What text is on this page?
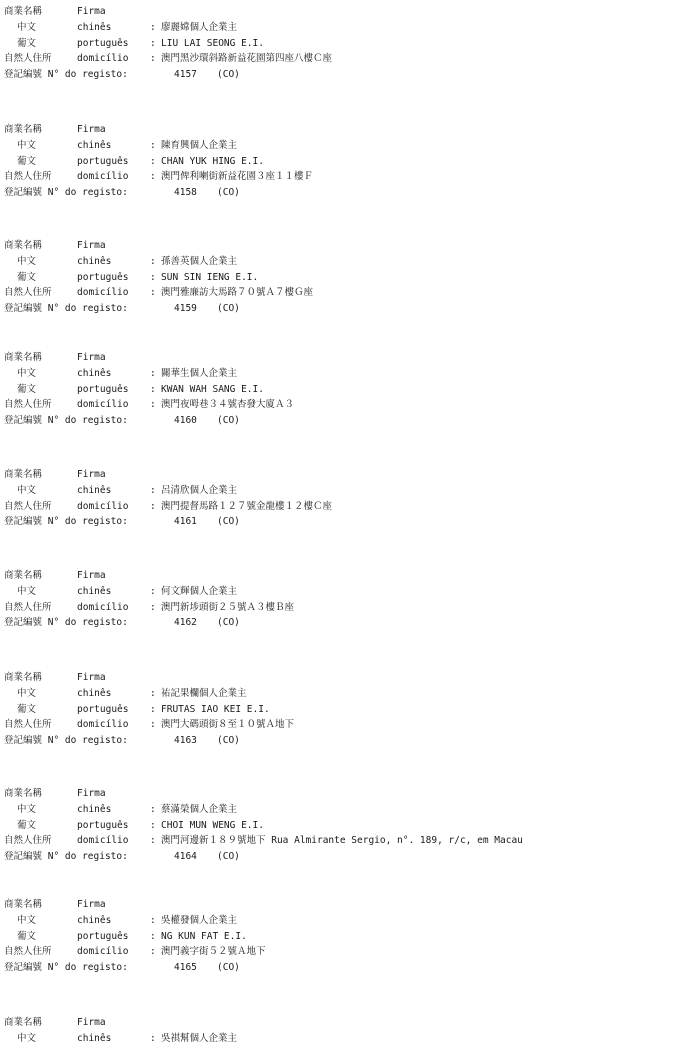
商業名稱	Firma
中文	chinês	: 廖麗嫦個人企業主
葡文	português : LIU LAI SEONG E.I.
自然人住所	domicílio : 澳門黑沙環斜路新益花園第四座八樓Ｃ座
登記編號 N° do registo:	4157 (CO)
商業名稱	Firma
中文	chinês	: 陳育興個人企業主
葡文	português : CHAN YUK HING E.I.
自然人住所	domicílio : 澳門俾利喇街新益花園３座１１樓Ｆ
登記編號 N° do registo:	4158 (CO)
商業名稱	Firma
中文	chinês	: 孫善英個人企業主
葡文	português : SUN SIN IENG E.I.
自然人住所	domicílio : 澳門雅廉訪大馬路７０號Ａ７樓Ｇ座
登記編號 N° do registo:	4159 (CO)
商業名稱	Firma
中文	chinês	: 關華生個人企業主
葡文	português : KWAN WAH SANG E.I.
自然人住所	domicílio : 澳門夜呣巷３４號杏發大廈Ａ３
登記編號 N° do registo:	4160 (CO)
商業名稱	Firma
中文	chinês	: 呂清欣個人企業主
自然人住所	domicílio : 澳門提督馬路１２７號金龍樓１２樓Ｃ座
登記編號 N° do registo:	4161 (CO)
商業名稱	Firma
中文	chinês	: 何文輝個人企業主
自然人住所	domicílio : 澳門新埗頭街２５號Ａ３樓Ｂ座
登記編號 N° do registo:	4162 (CO)
商業名稱	Firma
中文	chinês	: 祐記果欄個人企業主
葡文	português : FRUTAS IAO KEI E.I.
自然人住所	domicílio : 澳門大碼頭街８至１０號Ａ地下
登記編號 N° do registo:	4163 (CO)
商業名稱	Firma
中文	chinês	: 蔡滿榮個人企業主
葡文	português : CHOI MUN WENG E.I.
自然人住所	domicílio : 澳門河邊新１８９號地下 Rua Almirante Sergio, n°. 189, r/c, em Macau
登記編號 N° do registo:	4164 (CO)
商業名稱	Firma
中文	chinês	: 吳權發個人企業主
葡文	português : NG KUN FAT E.I.
自然人住所	domicílio : 澳門義字街５２號Ａ地下
登記編號 N° do registo:	4165 (CO)
商業名稱	Firma
中文	chinês	: 吳祺幫個人企業主
